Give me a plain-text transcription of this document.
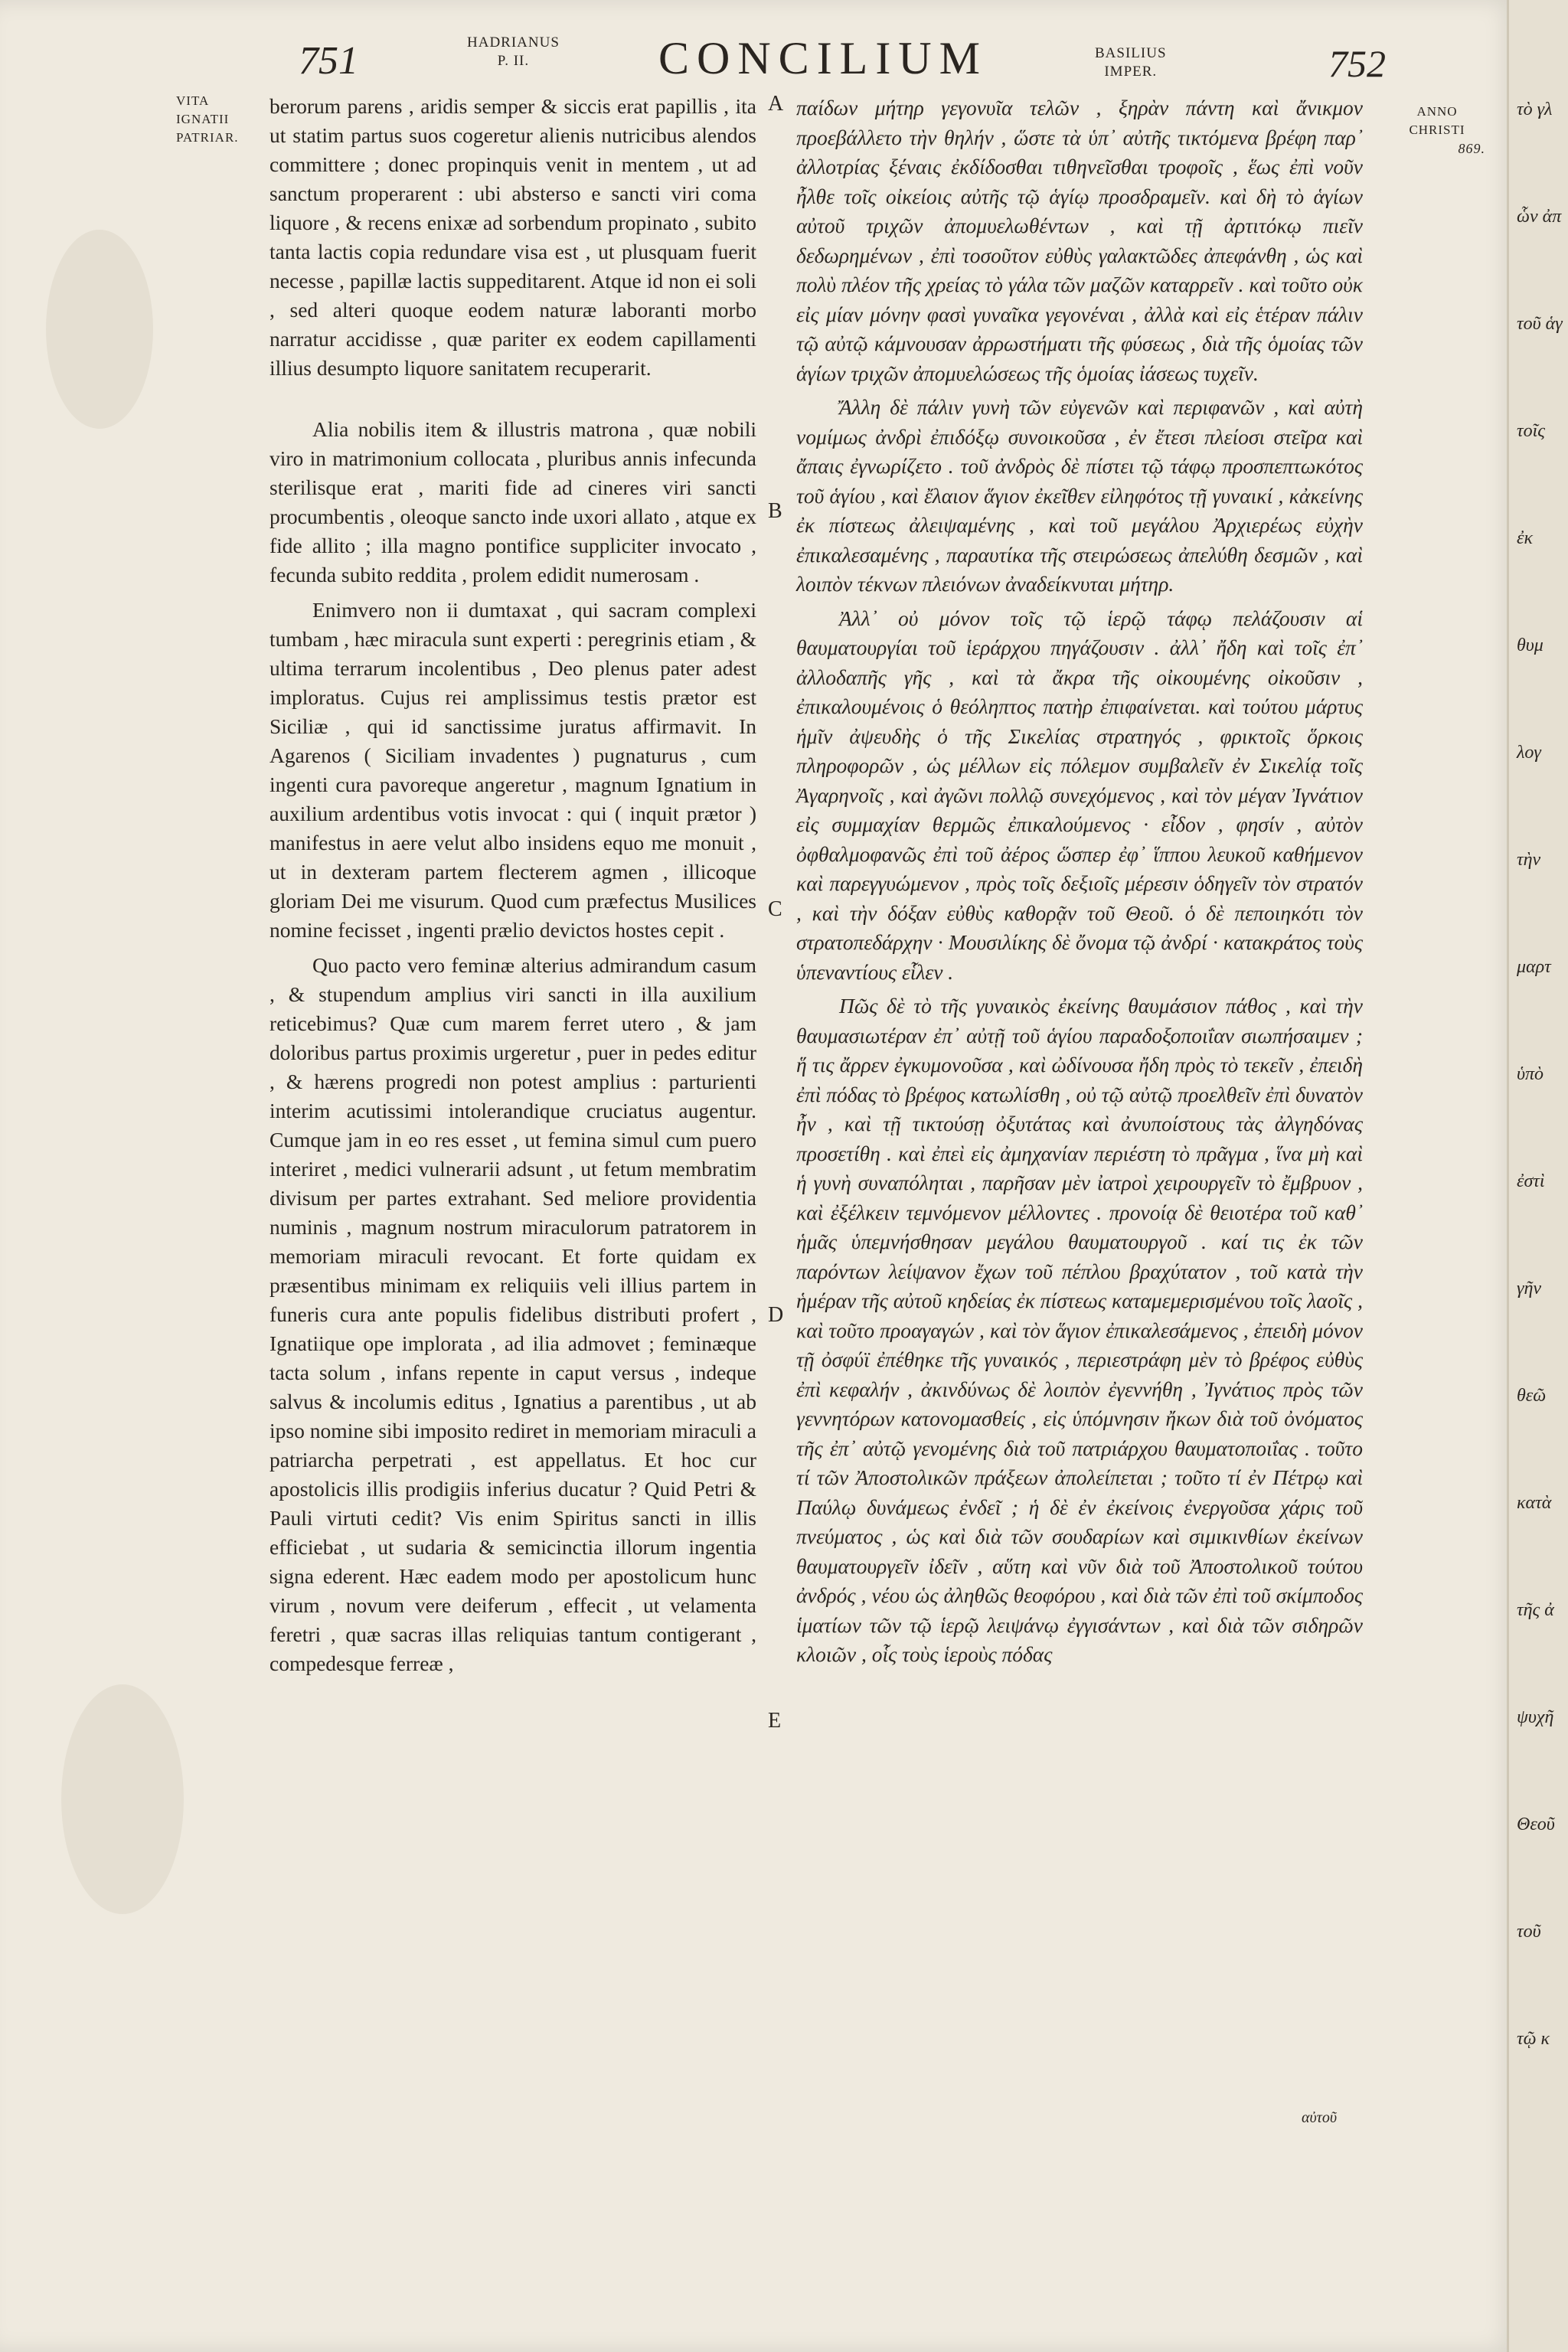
751	HADRIANUS
P. II.	CONCILIUM	BASILIUS
IMPER.	752
VITA
IGNATII
PATRIAR.
ANNO
CHRISTI
869.
A
B
C
D
E

berorum parens , aridis semper & siccis erat papillis , ita ut statim partus suos cogeretur alienis nutricibus alendos committere ; donec propinquis venit in mentem , ut ad sanctum properarent : ubi absterso e sancti viri coma liquore , & recens enixæ ad sorbendum propinato , subito tanta lactis copia redundare visa est , ut plusquam fuerit necesse , papillæ lactis suppeditarent. Atque id non ei soli , sed alteri quoque eodem naturæ laboranti morbo narratur accidisse , quæ pariter ex eodem capillamenti illius desumpto liquore sanitatem recuperarit.

Alia nobilis item & illustris matrona , quæ nobili viro in matrimonium collocata , pluribus annis infecunda sterilisque erat , mariti fide ad cineres viri sancti procumbentis , oleoque sancto inde uxori allato , atque ex fide allito ; illa magno pontifice suppliciter invocato , fecunda subito reddita , prolem edidit numerosam .

Enimvero non ii dumtaxat , qui sacram complexi tumbam , hæc miracula sunt experti : peregrinis etiam , & ultima terrarum incolentibus , Deo plenus pater adest imploratus. Cujus rei amplissimus testis prætor est Siciliæ , qui id sanctissime juratus affirmavit. In Agarenos ( Siciliam invadentes ) pugnaturus , cum ingenti cura pavoreque angeretur , magnum Ignatium in auxilium ardentibus votis invocat : qui ( inquit prætor ) manifestus in aere velut albo insidens equo me monuit , ut in dexteram partem flecterem agmen , illicoque gloriam Dei me visurum. Quod cum præfectus Musilices nomine fecisset , ingenti prælio devictos hostes cepit .

Quo pacto vero feminæ alterius admirandum casum , & stupendum amplius viri sancti in illa auxilium reticebimus? Quæ cum marem ferret utero , & jam doloribus partus proximis urgeretur , puer in pedes editur , & hærens progredi non potest amplius : parturienti interim acutissimi intolerandique cruciatus augentur. Cumque jam in eo res esset , ut femina simul cum puero interiret , medici vulnerarii adsunt , ut fetum membratim divisum per partes extrahant. Sed meliore providentia numinis , magnum nostrum miraculorum patratorem in memoriam miraculi revocant. Et forte quidam ex præsentibus minimam ex reliquiis veli illius partem in funeris cura ante populis fidelibus distributi profert , Ignatiique ope implorata , ad ilia admovet ; feminæque tacta solum , infans repente in caput versus , indeque salvus & incolumis editus , Ignatius a parentibus , ut ab ipso nomine sibi imposito rediret in memoriam miraculi a patriarcha perpetrati , est appellatus. Et hoc cur apostolicis illis prodigiis inferius ducatur ? Quid Petri & Pauli virtuti cedit? Vis enim Spiritus sancti in illis efficiebat , ut sudaria & semicinctia illorum ingentia signa ederent. Hæc eadem modo per apostolicum hunc virum , novum vere deiferum , effecit , ut velamenta feretri , quæ sacras illas reliquias tantum contigerant , compedesque ferreæ ,

παίδων μήτηρ γεγονυῖα τελῶν , ξηρὰν πάντη καὶ ἄνικμον προεβάλλετο τὴν θηλήν , ὥστε τὰ ὑπ᾽ αὐτῆς τικτόμενα βρέφη παρ᾽ ἀλλοτρίας ξέναις ἐκδίδοσθαι τιθηνεῖσθαι τροφοῖς , ἕως ἐπὶ νοῦν ἦλθε τοῖς οἰκείοις αὐτῆς τῷ ἁγίῳ προσδραμεῖν. καὶ δὴ τὸ ἁγίων αὐτοῦ τριχῶν ἀπομυελωθέντων , καὶ τῇ ἀρτιτόκῳ πιεῖν δεδωρημένων , ἐπὶ τοσοῦτον εὐθὺς γαλακτῶδες ἀπεφάνθη , ὡς καὶ πολὺ πλέον τῆς χρείας τὸ γάλα τῶν μαζῶν καταρρεῖν . καὶ τοῦτο οὐκ εἰς μίαν μόνην φασὶ γυναῖκα γεγονέναι , ἀλλὰ καὶ εἰς ἑτέραν πάλιν τῷ αὐτῷ κάμνουσαν ἀρρωστήματι τῆς φύσεως , διὰ τῆς ὁμοίας τῶν ἁγίων τριχῶν ἀπομυελώσεως τῆς ὁμοίας ἰάσεως τυχεῖν.

Ἄλλη δὲ πάλιν γυνὴ τῶν εὐγενῶν καὶ περιφανῶν , καὶ αὐτὴ νομίμως ἀνδρὶ ἐπιδόξῳ συνοικοῦσα , ἐν ἔτεσι πλείοσι στεῖρα καὶ ἄπαις ἐγνωρίζετο . τοῦ ἀνδρὸς δὲ πίστει τῷ τάφῳ προσπεπτωκότος τοῦ ἁγίου , καὶ ἔλαιον ἅγιον ἐκεῖθεν εἰληφότος τῇ γυναικί , κἀκείνης ἐκ πίστεως ἀλειψαμένης , καὶ τοῦ μεγάλου Ἀρχιερέως εὐχὴν ἐπικαλεσαμένης , παραυτίκα τῆς στειρώσεως ἀπελύθη δεσμῶν , καὶ λοιπὸν τέκνων πλειόνων ἀναδείκνυται μήτηρ.

Ἀλλ᾽ οὐ μόνον τοῖς τῷ ἱερῷ τάφῳ πελάζουσιν αἱ θαυματουργίαι τοῦ ἱεράρχου πηγάζουσιν . ἀλλ᾽ ἤδη καὶ τοῖς ἐπ᾽ ἀλλοδαπῆς γῆς , καὶ τὰ ἄκρα τῆς οἰκουμένης οἰκοῦσιν , ἐπικαλουμένοις ὁ θεόληπτος πατὴρ ἐπιφαίνεται. καὶ τούτου μάρτυς ἡμῖν ἀψευδὴς ὁ τῆς Σικελίας στρατηγός , φρικτοῖς ὅρκοις πληροφορῶν , ὡς μέλλων εἰς πόλεμον συμβαλεῖν ἐν Σικελίᾳ τοῖς Ἀγαρηνοῖς , καὶ ἀγῶνι πολλῷ συνεχόμενος , καὶ τὸν μέγαν Ἰγνάτιον εἰς συμμαχίαν θερμῶς ἐπικαλούμενος · εἶδον , φησίν , αὐτὸν ὀφθαλμοφανῶς ἐπὶ τοῦ ἀέρος ὥσπερ ἐφ᾽ ἵππου λευκοῦ καθήμενον καὶ παρεγγυώμενον , πρὸς τοῖς δεξιοῖς μέρεσιν ὁδηγεῖν τὸν στρατόν , καὶ τὴν δόξαν εὐθὺς καθορᾷν τοῦ Θεοῦ. ὁ δὲ πεποιηκότι τὸν στρατοπεδάρχην · Μουσιλίκης δὲ ὄνομα τῷ ἀνδρί · κατακράτος τοὺς ὑπεναντίους εἷλεν .

Πῶς δὲ τὸ τῆς γυναικὸς ἐκείνης θαυμάσιον πάθος , καὶ τὴν θαυμασιωτέραν ἐπ᾽ αὐτῇ τοῦ ἁγίου παραδοξοποιΐαν σιωπήσαιμεν ; ἥ τις ἄρρεν ἐγκυμονοῦσα , καὶ ὠδίνουσα ἤδη πρὸς τὸ τεκεῖν , ἐπειδὴ ἐπὶ πόδας τὸ βρέφος κατωλίσθη , οὐ τῷ αὐτῷ προελθεῖν ἐπὶ δυνατὸν ἦν , καὶ τῇ τικτούσῃ ὀξυτάτας καὶ ἀνυποίστους τὰς ἀλγηδόνας προσετίθη . καὶ ἐπεὶ εἰς ἀμηχανίαν περιέστη τὸ πρᾶγμα , ἵνα μὴ καὶ ἡ γυνὴ συναπόληται , παρῆσαν μὲν ἰατροὶ χειρουργεῖν τὸ ἔμβρυον , καὶ ἐξέλκειν τεμνόμενον μέλλοντες . προνοίᾳ δὲ θειοτέρα τοῦ καθ᾽ ἡμᾶς ὑπεμνήσθησαν μεγάλου θαυματουργοῦ . καί τις ἐκ τῶν παρόντων λείψανον ἔχων τοῦ πέπλου βραχύτατον , τοῦ κατὰ τὴν ἡμέραν τῆς αὐτοῦ κηδείας ἐκ πίστεως καταμεμερισμένου τοῖς λαοῖς , καὶ τοῦτο προαγαγών , καὶ τὸν ἅγιον ἐπικαλεσάμενος , ἐπειδὴ μόνον τῇ ὀσφύϊ ἐπέθηκε τῆς γυναικός , περιεστράφη μὲν τὸ βρέφος εὐθὺς ἐπὶ κεφαλήν , ἀκινδύνως δὲ λοιπὸν ἐγεννήθη , Ἰγνάτιος πρὸς τῶν γεννητόρων κατονομασθείς , εἰς ὑπόμνησιν ἤκων διὰ τοῦ ὀνόματος τῆς ἐπ᾽ αὐτῷ γενομένης διὰ τοῦ πατριάρχου θαυματοποιΐας . τοῦτο τί τῶν Ἀποστολικῶν πράξεων ἀπολείπεται ; τοῦτο τί ἐν Πέτρῳ καὶ Παύλῳ δυνάμεως ἐνδεῖ ; ἡ δὲ ἐν ἐκείνοις ἐνεργοῦσα χάρις τοῦ πνεύματος , ὡς καὶ διὰ τῶν σουδαρίων καὶ σιμικινθίων ἐκείνων θαυματουργεῖν ἰδεῖν , αὕτη καὶ νῦν διὰ τοῦ Ἀποστολικοῦ τούτου ἀνδρός , νέου ὡς ἀληθῶς θεοφόρου , καὶ διὰ τῶν ἐπὶ τοῦ σκίμποδος ἱματίων τῶν τῷ ἱερῷ λειψάνῳ ἐγγισάντων , καὶ διὰ τῶν σιδηρῶν κλοιῶν , οἷς τοὺς ἱεροὺς πόδας

αὐτοῦ
τὸ γλ
ὧν ἀπ
τοῦ ἁγ
τοῖς
ἐκ
θυμ
λογ
τὴν
μαρτ
ὑπὸ
ἐστὶ
γῆν
θεῶ
κατὰ
τῆς ἀ
ψυχῆ
Θεοῦ
τοῦ
τῷ κ
